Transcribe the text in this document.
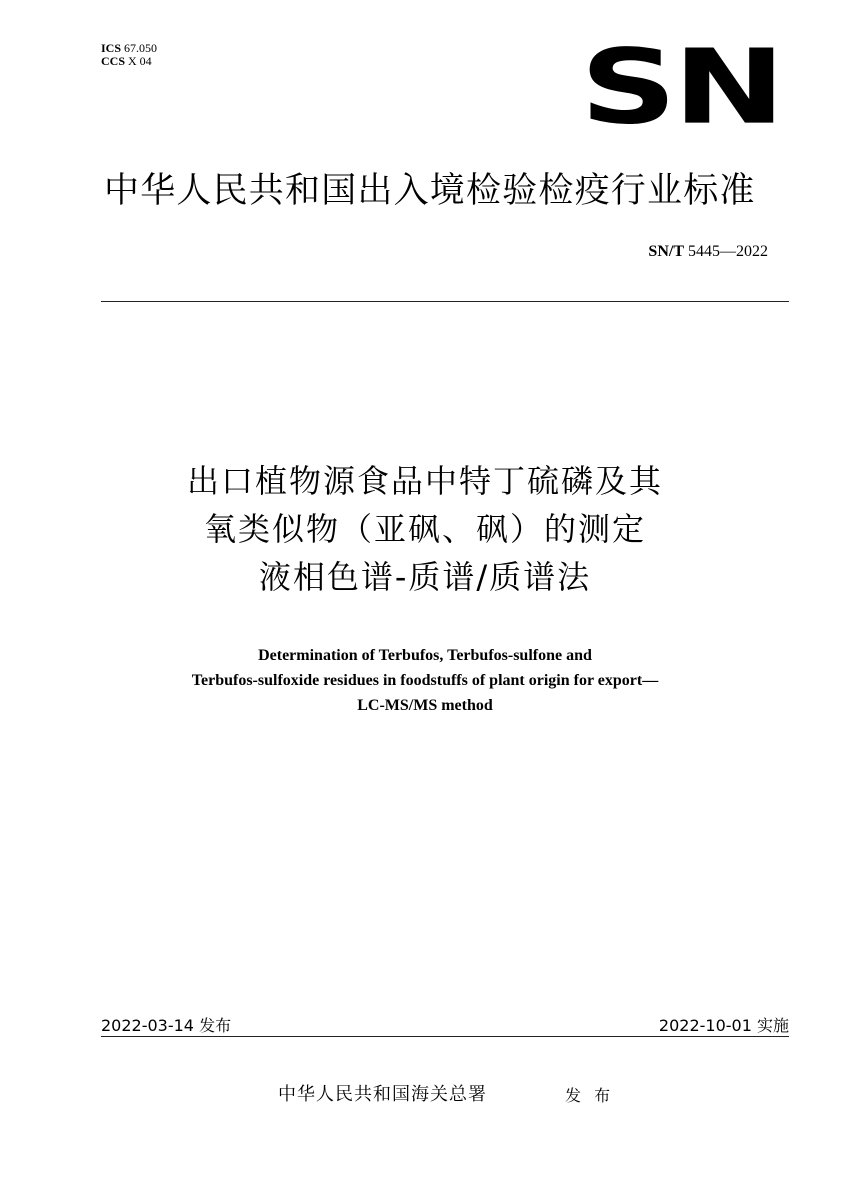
ICS 67.050
CCS X 04	SN
中华人民共和国出入境检验检疫行业标准
SN/T 5445—2022
出口植物源食品中特丁硫磷及其
氧类似物（亚砜、砜）的测定
液相色谱-质谱/质谱法
Determination of Terbufos, Terbufos-sulfone and
Terbufos-sulfoxide residues in foodstuffs of plant origin for export—
LC-MS/MS method
2022-03-14 发布	2022-10-01 实施
中华人民共和国海关总署	发 布
